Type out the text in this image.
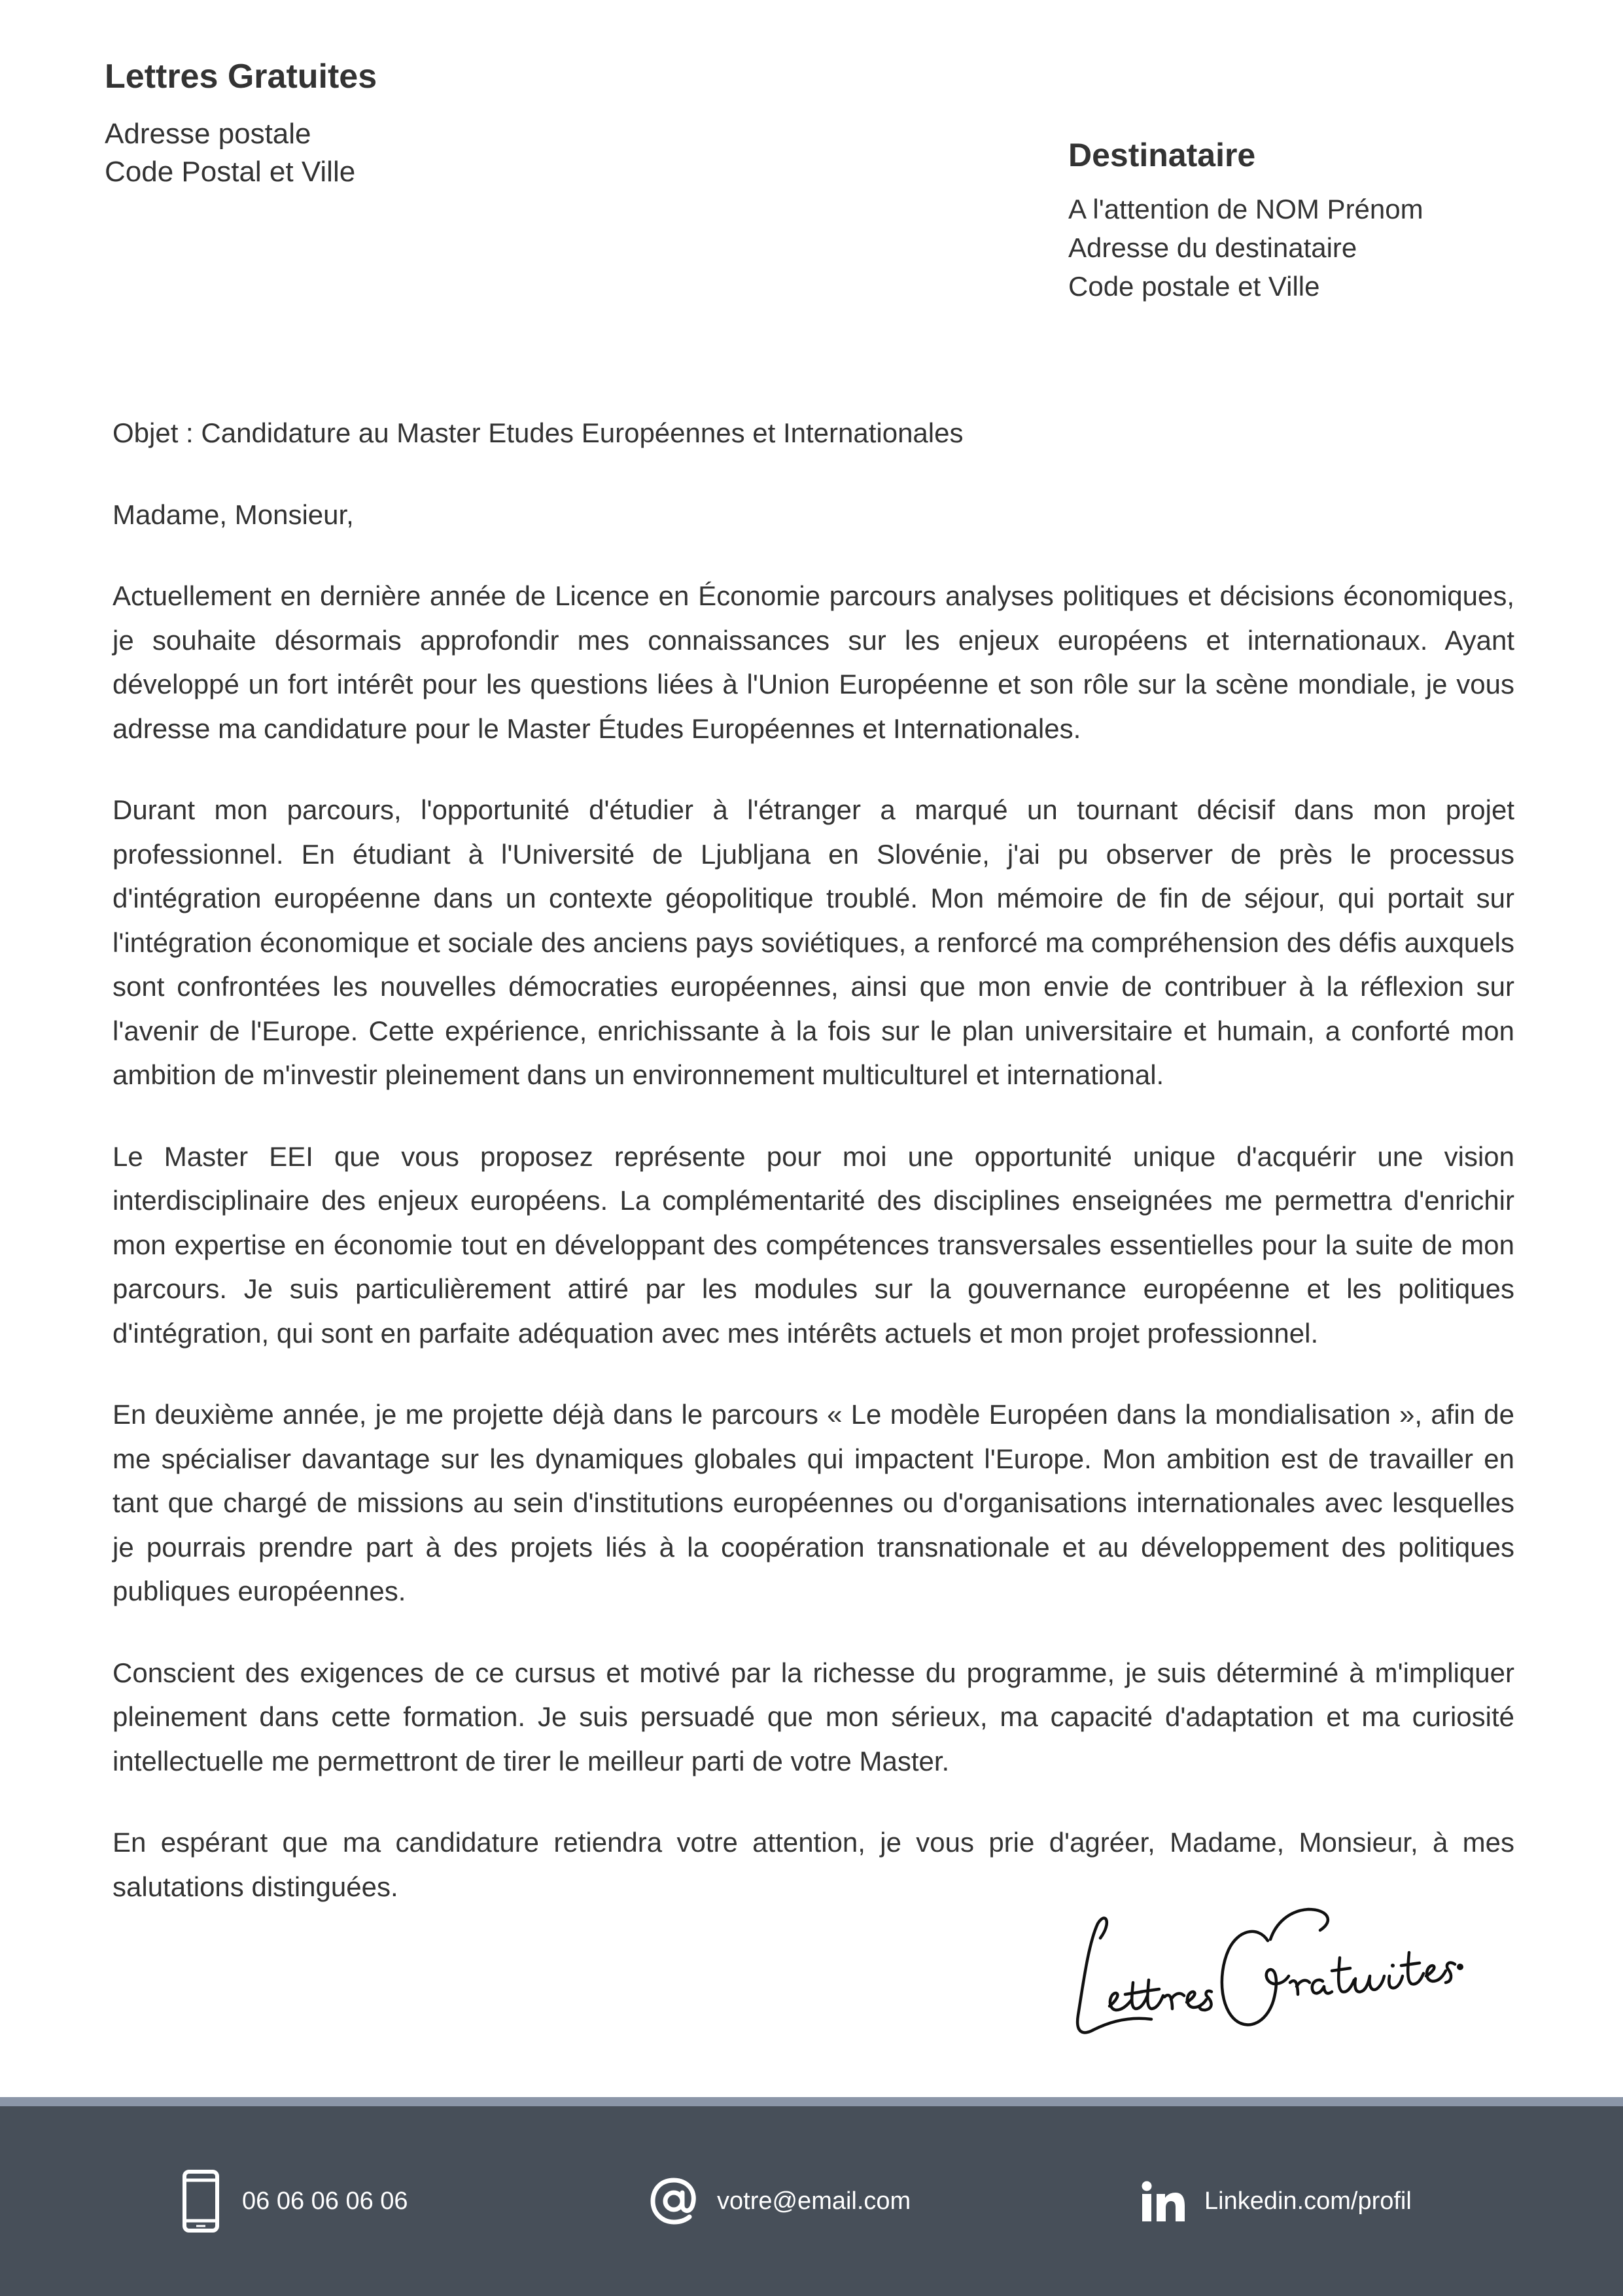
Lettres Gratuites
Adresse postale
Code Postal et Ville	Destinataire
A l'attention de NOM Prénom
Adresse du destinataire
Code postale et Ville

Objet : Candidature au Master Etudes Européennes et Internationales

Madame, Monsieur,

Actuellement en dernière année de Licence en Économie parcours analyses politiques et décisions économiques, je souhaite désormais approfondir mes connaissances sur les enjeux européens et internationaux. Ayant développé un fort intérêt pour les questions liées à l'Union Européenne et son rôle sur la scène mondiale, je vous adresse ma candidature pour le Master Études Européennes et Internationales.

Durant mon parcours, l'opportunité d'étudier à l'étranger a marqué un tournant décisif dans mon projet professionnel. En étudiant à l'Université de Ljubljana en Slovénie, j'ai pu observer de près le processus d'intégration européenne dans un contexte géopolitique troublé. Mon mémoire de fin de séjour, qui portait sur l'intégration économique et sociale des anciens pays soviétiques, a renforcé ma compréhension des défis auxquels sont confrontées les nouvelles démocraties européennes, ainsi que mon envie de contribuer à la réflexion sur l'avenir de l'Europe. Cette expérience, enrichissante à la fois sur le plan universitaire et humain, a conforté mon ambition de m'investir pleinement dans un environnement multiculturel et international.

Le Master EEI que vous proposez représente pour moi une opportunité unique d'acquérir une vision interdisciplinaire des enjeux européens. La complémentarité des disciplines enseignées me permettra d'enrichir mon expertise en économie tout en développant des compétences transversales essentielles pour la suite de mon parcours. Je suis particulièrement attiré par les modules sur la gouvernance européenne et les politiques d'intégration, qui sont en parfaite adéquation avec mes intérêts actuels et mon projet professionnel.

En deuxième année, je me projette déjà dans le parcours « Le modèle Européen dans la mondialisation », afin de me spécialiser davantage sur les dynamiques globales qui impactent l'Europe. Mon ambition est de travailler en tant que chargé de missions au sein d'institutions européennes ou d'organisations internationales avec lesquelles je pourrais prendre part à des projets liés à la coopération transnationale et au développement des politiques publiques européennes.

Conscient des exigences de ce cursus et motivé par la richesse du programme, je suis déterminé à m'impliquer pleinement dans cette formation. Je suis persuadé que mon sérieux, ma capacité d'adaptation et ma curiosité intellectuelle me permettront de tirer le meilleur parti de votre Master.

En espérant que ma candidature retiendra votre attention, je vous prie d'agréer, Madame, Monsieur, à mes salutations distinguées.

06 06 06 06 06	votre@email.com	Linkedin.com/profil
